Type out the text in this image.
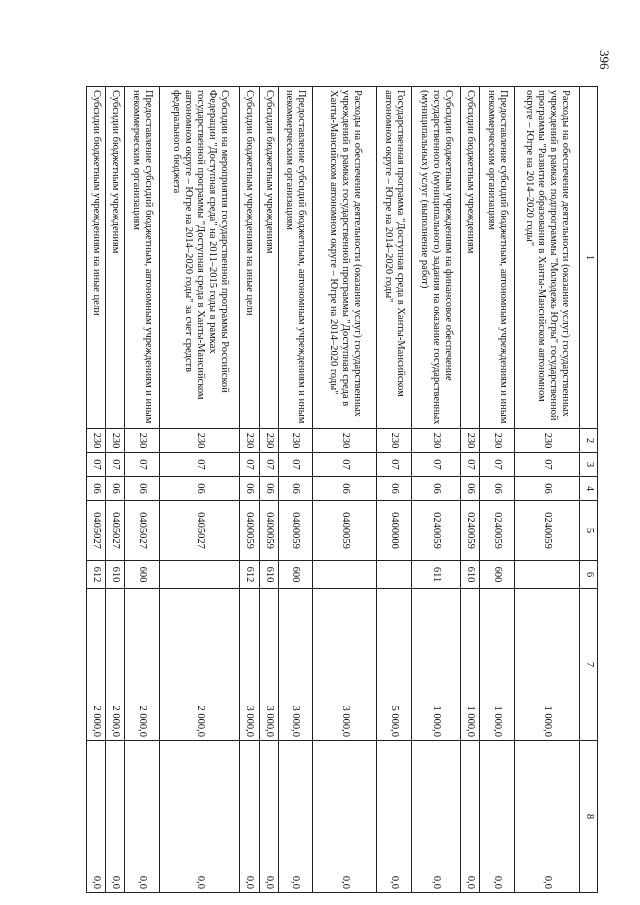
396
1	2	3	4	5	6	7	8
Расходы на обеспечение деятельности (оказание услуг) государственных учреждений в рамках подпрограммы "Молодежь Югры" государственной программы "Развитие образования в Ханты-Мансийском автономном округе – Югре на 2014–2020 годы"	230	07	06	0240059		1 000,0	0,0
Предоставление субсидий бюджетным, автономным учреждениям и иным некоммерческим организациям	230	07	06	0240059	600	1 000,0	0,0
Субсидии бюджетным учреждениям	230	07	06	0240059	610	1 000,0	0,0
Субсидии бюджетным учреждениям на финансовое обеспечение государственного (муниципального) задания на оказание государственных (муниципальных) услуг (выполнение работ)	230	07	06	0240059	611	1 000,0	0,0
Государственная программа "Доступная среда в Ханты-Мансийском автономном округе – Югре на 2014–2020 годы"	230	07	06	0400000		5 000,0	0,0
Расходы на обеспечение деятельности (оказание услуг) государственных учреждений в рамках государственной программы "Доступная среда в Ханты-Мансийском автономном округе – Югре на 2014–2020 годы"	230	07	06	0400059		3 000,0	0,0
Предоставление субсидий бюджетным, автономным учреждениям и иным некоммерческим организациям	230	07	06	0400059	600	3 000,0	0,0
Субсидии бюджетным учреждениям	230	07	06	0400059	610	3 000,0	0,0
Субсидии бюджетным учреждениям на иные цели	230	07	06	0400059	612	3 000,0	0,0
Субсидии на мероприятия государственной программы Российской Федерации "Доступная среда" на 2011–2015 годы в рамках государственной программы "Доступная среда в Ханты-Мансийском автономном округе – Югре на 2014–2020 годы" за счет средств федерального бюджета	230	07	06	0405027		2 000,0	0,0
Предоставление субсидий бюджетным, автономным учреждениям и иным некоммерческим организациям	230	07	06	0405027	600	2 000,0	0,0
Субсидии бюджетным учреждениям	230	07	06	0405027	610	2 000,0	0,0
Субсидии бюджетным учреждениям на иные цели	230	07	06	0405027	612	2 000,0	0,0
